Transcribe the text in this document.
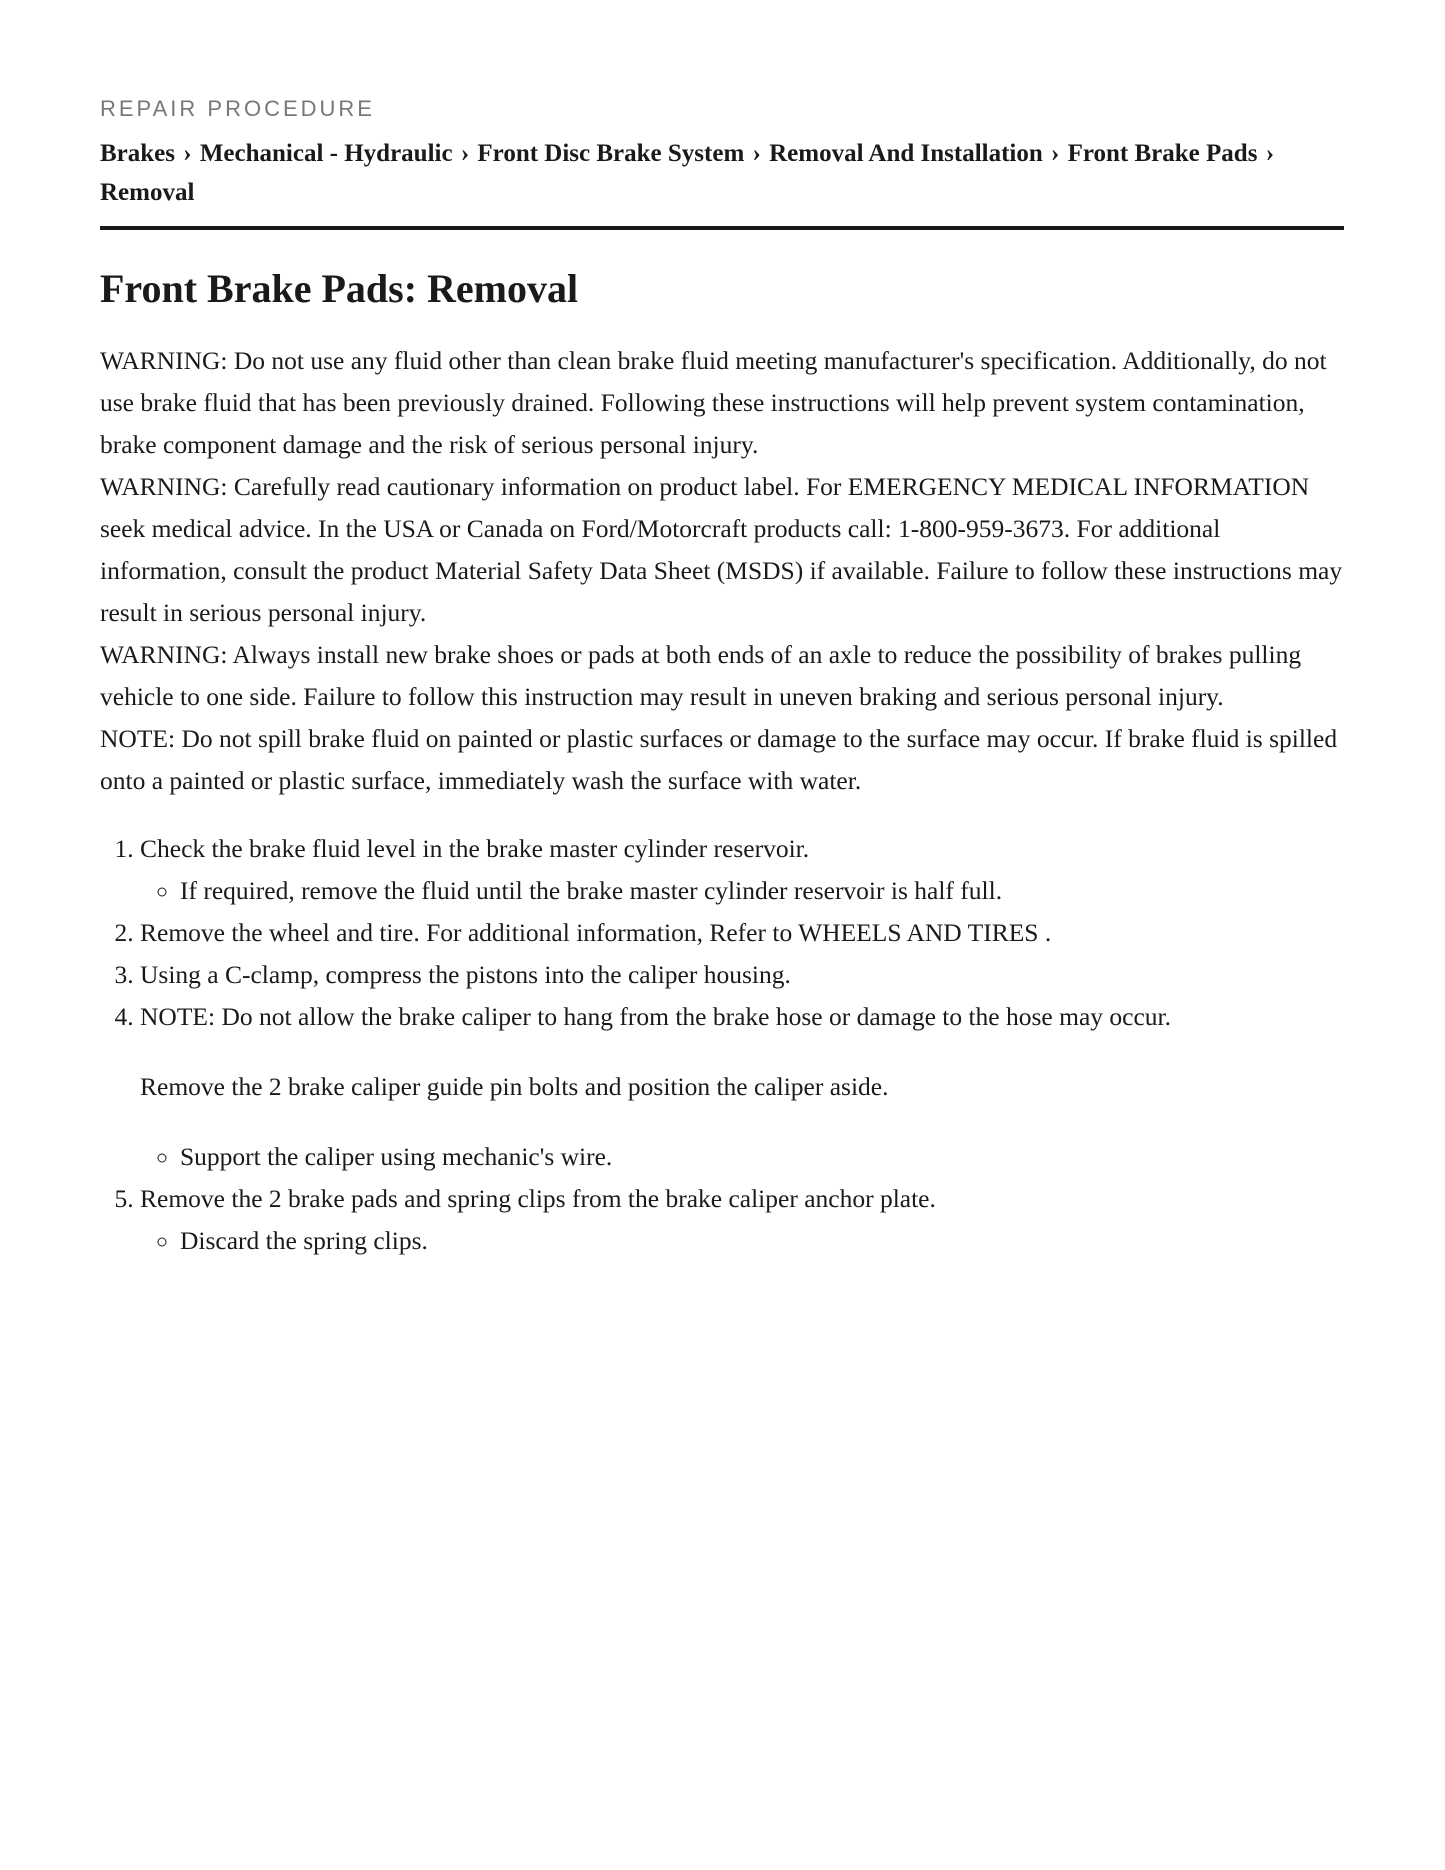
REPAIR PROCEDURE
Brakes › Mechanical - Hydraulic › Front Disc Brake System › Removal And Installation › Front Brake Pads › Removal
Front Brake Pads: Removal

WARNING: Do not use any fluid other than clean brake fluid meeting manufacturer's specification. Additionally, do not use brake fluid that has been previously drained. Following these instructions will help prevent system contamination, brake component damage and the risk of serious personal injury.

WARNING: Carefully read cautionary information on product label. For EMERGENCY MEDICAL INFORMATION seek medical advice. In the USA or Canada on Ford/Motorcraft products call: 1-800-959-3673. For additional information, consult the product Material Safety Data Sheet (MSDS) if available. Failure to follow these instructions may result in serious personal injury.

WARNING: Always install new brake shoes or pads at both ends of an axle to reduce the possibility of brakes pulling vehicle to one side. Failure to follow this instruction may result in uneven braking and serious personal injury.

NOTE: Do not spill brake fluid on painted or plastic surfaces or damage to the surface may occur. If brake fluid is spilled onto a painted or plastic surface, immediately wash the surface with water.

1. Check the brake fluid level in the brake master cylinder reservoir.
◦ If required, remove the fluid until the brake master cylinder reservoir is half full.
2. Remove the wheel and tire. For additional information, Refer to WHEELS AND TIRES .
3. Using a C-clamp, compress the pistons into the caliper housing.
4. NOTE: Do not allow the brake caliper to hang from the brake hose or damage to the hose may occur.

Remove the 2 brake caliper guide pin bolts and position the caliper aside.

◦ Support the caliper using mechanic's wire.
5. Remove the 2 brake pads and spring clips from the brake caliper anchor plate.
◦ Discard the spring clips.
